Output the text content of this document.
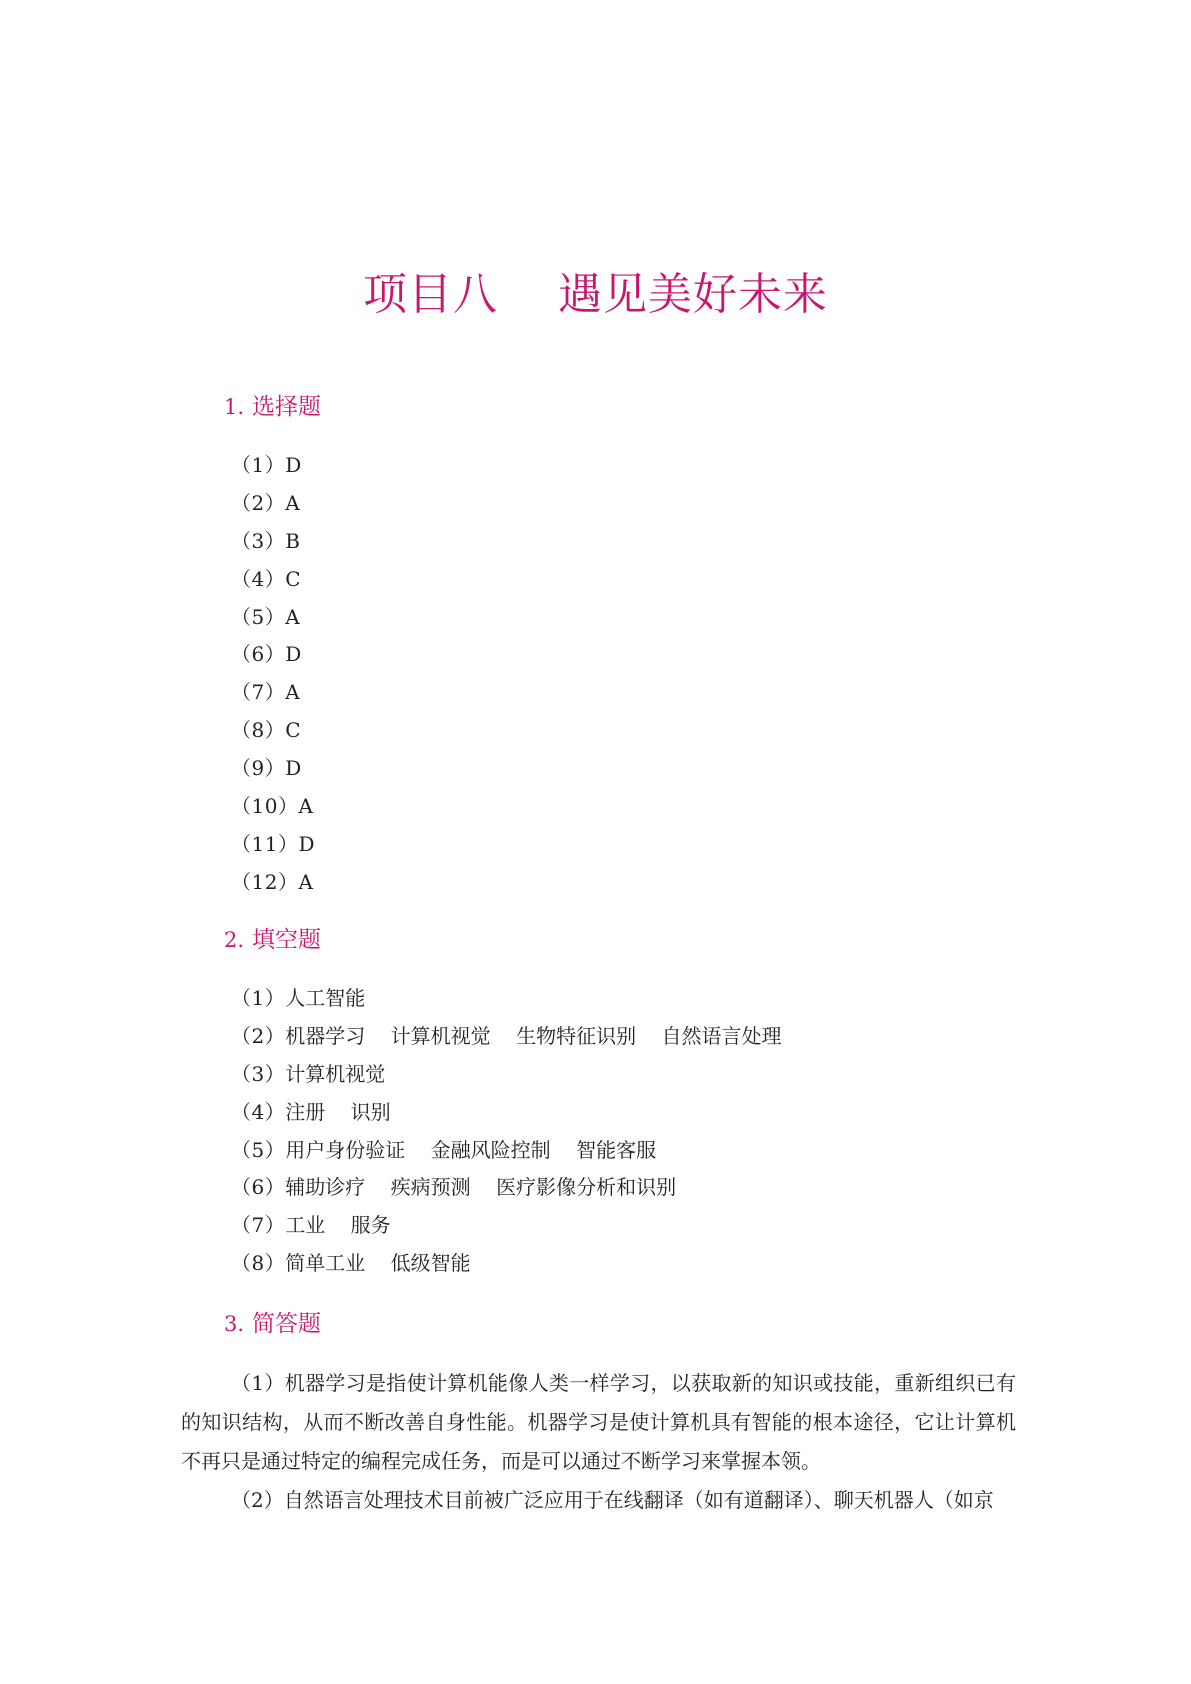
项目八    遇见美好未来
1. 选择题
（1）D
（2）A
（3）B
（4）C
（5）A
（6）D
（7）A
（8）C
（9）D
（10）A
（11）D
（12）A
2. 填空题
（1）人工智能
（2）机器学习    计算机视觉    生物特征识别    自然语言处理
（3）计算机视觉
（4）注册    识别
（5）用户身份验证    金融风险控制    智能客服
（6）辅助诊疗    疾病预测    医疗影像分析和识别
（7）工业    服务
（8）简单工业    低级智能
3. 简答题

（1）机器学习是指使计算机能像人类一样学习，以获取新的知识或技能，重新组织已有的知识结构，从而不断改善自身性能。机器学习是使计算机具有智能的根本途径，它让计算机不再只是通过特定的编程完成任务，而是可以通过不断学习来掌握本领。

（2）自然语言处理技术目前被广泛应用于在线翻译（如有道翻译）、聊天机器人（如京
